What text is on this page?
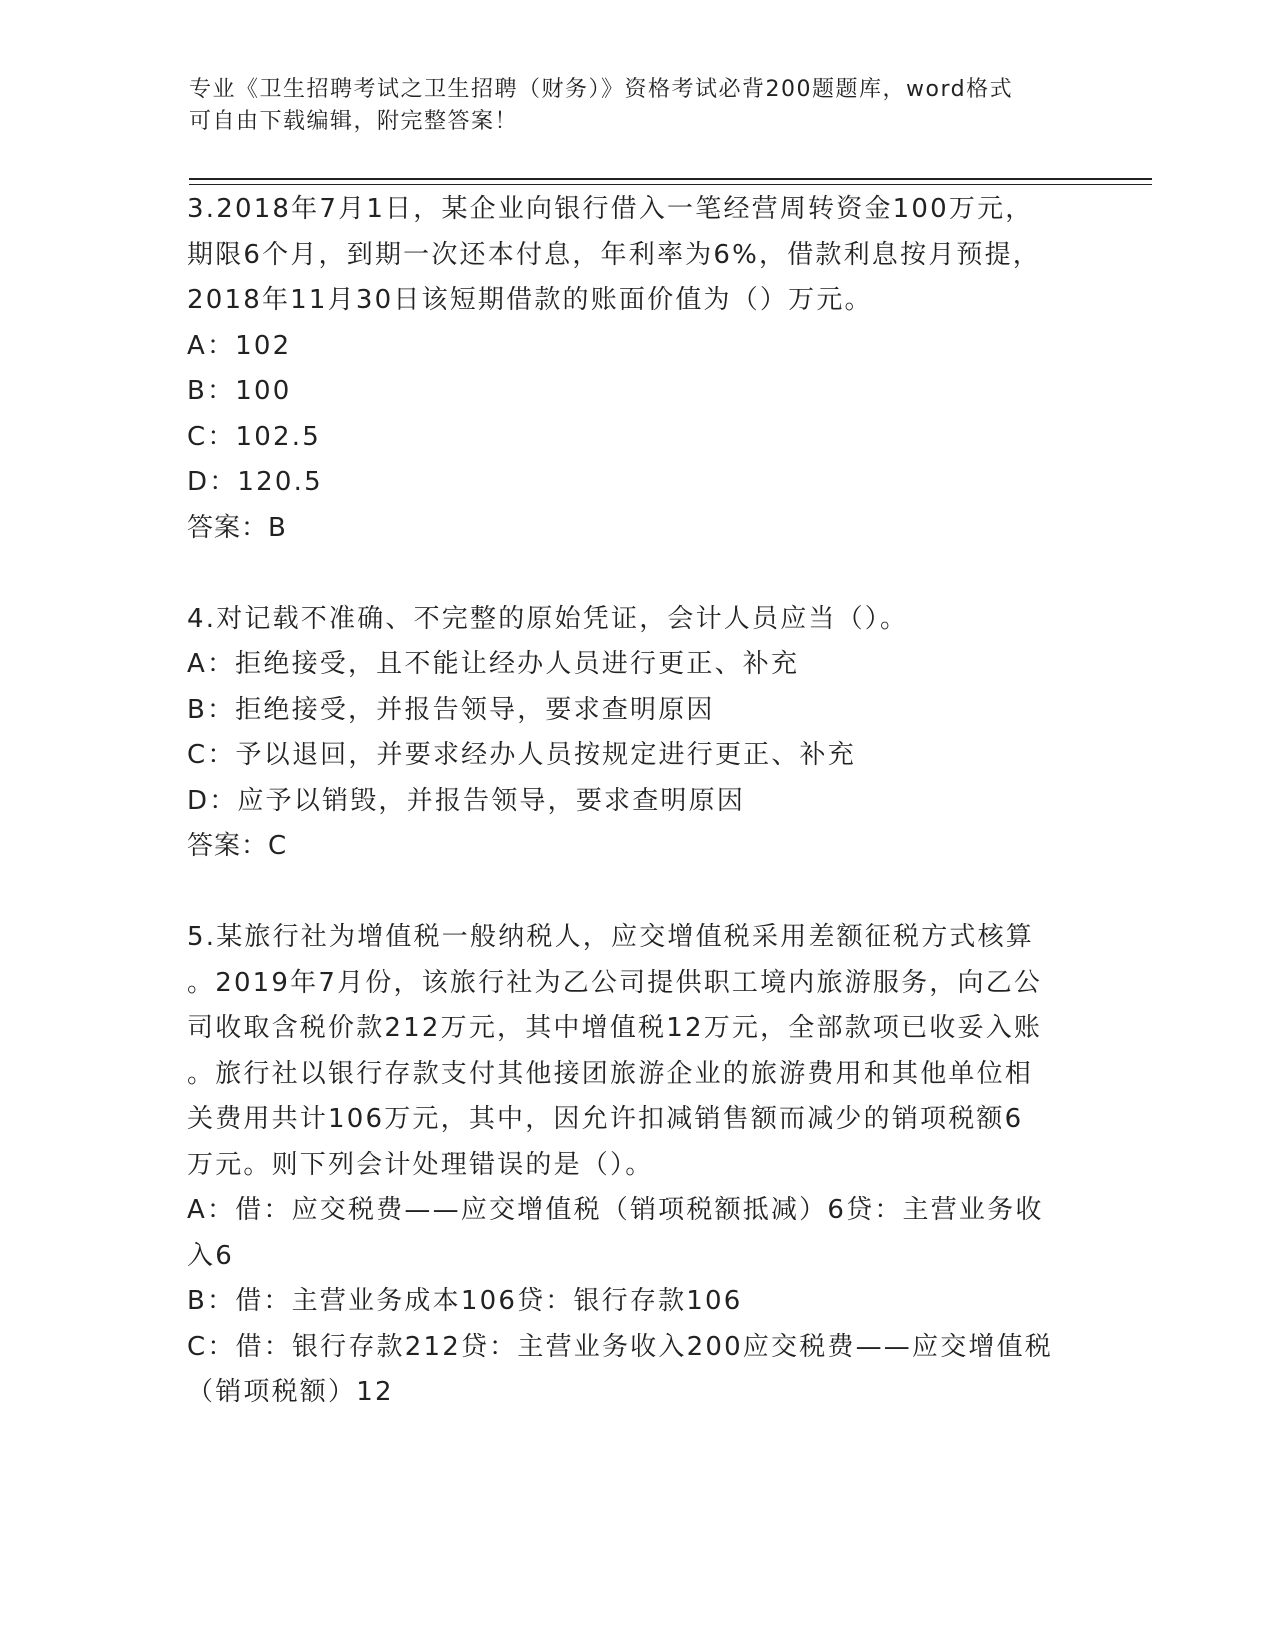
专业《卫生招聘考试之卫生招聘（财务）》资格考试必背200题题库，word格式
可自由下载编辑，附完整答案！
3.2018年7月1日，某企业向银行借入一笔经营周转资金100万元，
期限6个月，到期一次还本付息，年利率为6%，借款利息按月预提，
2018年11月30日该短期借款的账面价值为（）万元。
A：102
B：100
C：102.5
D：120.5
答案：B
4.对记载不准确、不完整的原始凭证，会计人员应当（）。
A：拒绝接受，且不能让经办人员进行更正、补充
B：拒绝接受，并报告领导，要求查明原因
C：予以退回，并要求经办人员按规定进行更正、补充
D：应予以销毁，并报告领导，要求查明原因
答案：C
5.某旅行社为增值税一般纳税人，应交增值税采用差额征税方式核算
。2019年7月份，该旅行社为乙公司提供职工境内旅游服务，向乙公
司收取含税价款212万元，其中增值税12万元，全部款项已收妥入账
。旅行社以银行存款支付其他接团旅游企业的旅游费用和其他单位相
关费用共计106万元，其中，因允许扣减销售额而减少的销项税额6
万元。则下列会计处理错误的是（）。
A：借：应交税费——应交增值税（销项税额抵减）6贷：主营业务收
入6
B：借：主营业务成本106贷：银行存款106
C：借：银行存款212贷：主营业务收入200应交税费——应交增值税
（销项税额）12
